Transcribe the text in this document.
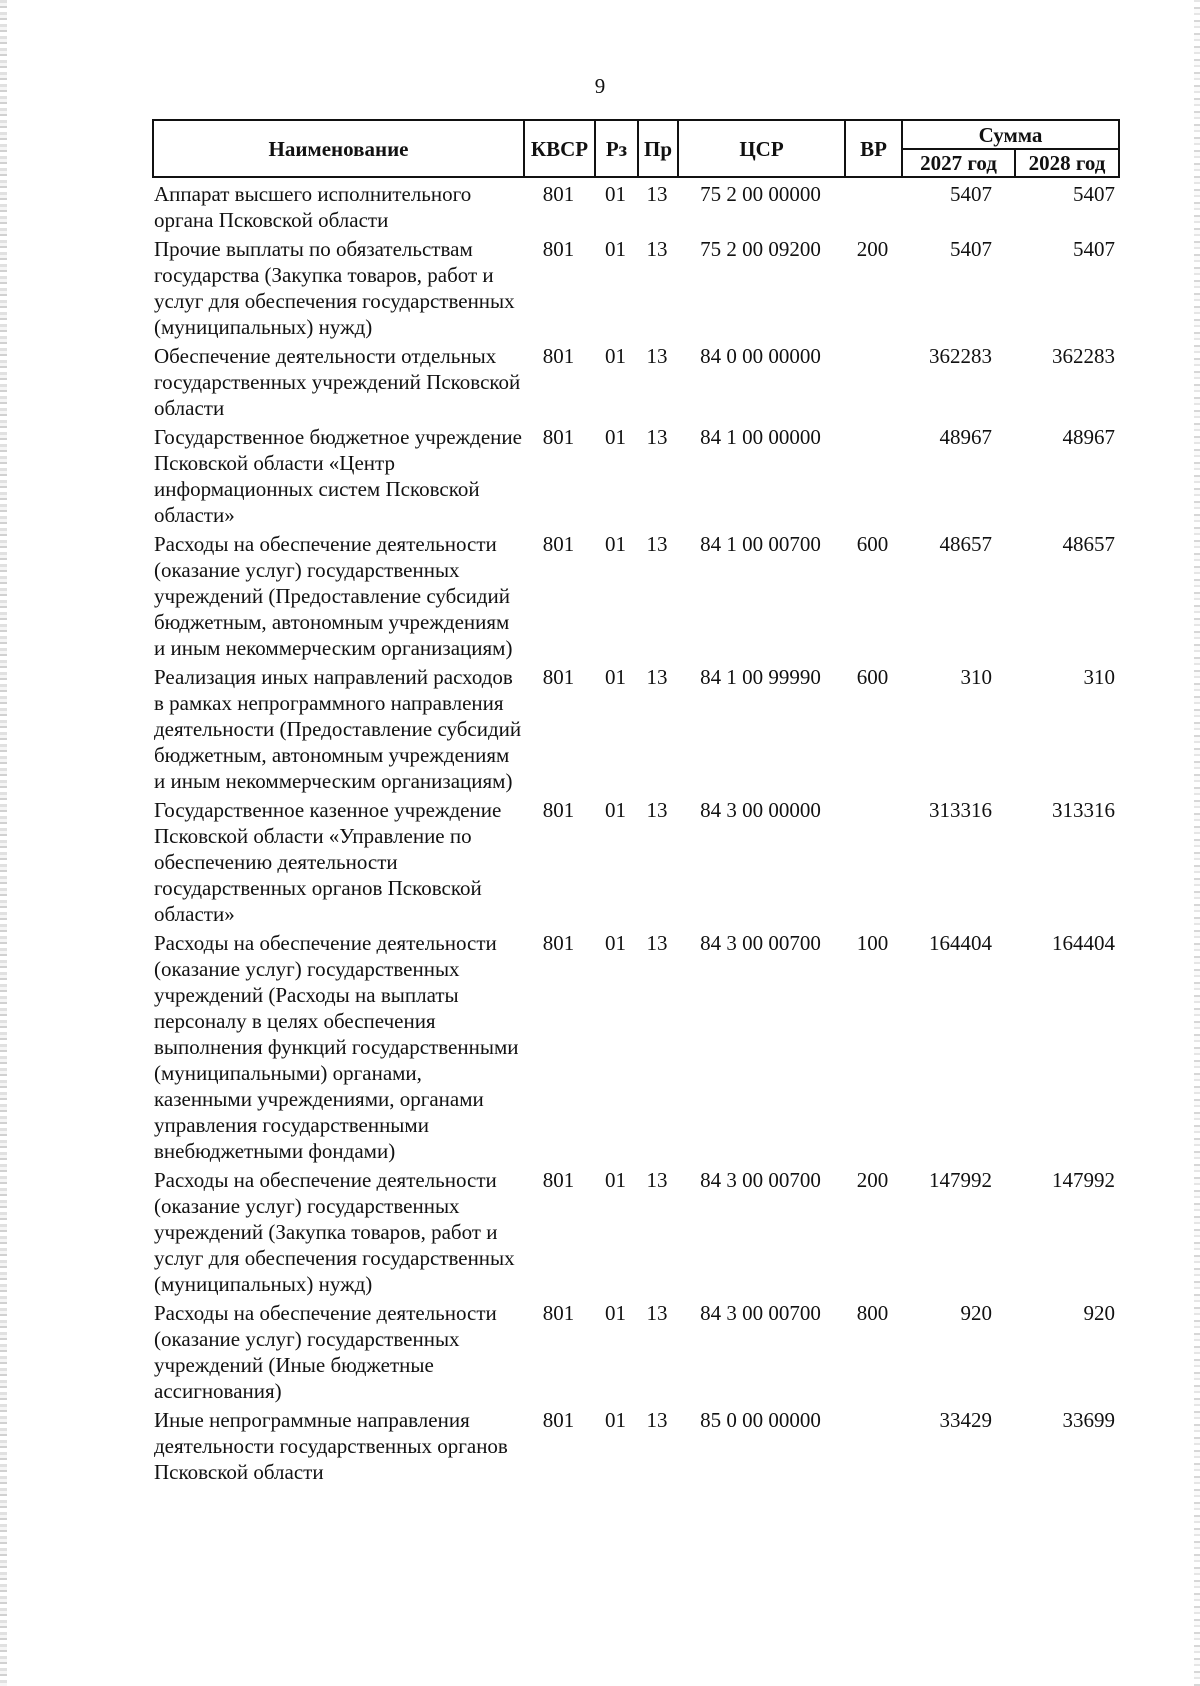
9
Наименование	КВСР	Рз	Пр	ЦСР	ВР	Сумма	
						2027 год	2028 год
Аппарат высшего исполнительного органа Псковской области	801	01	13	75 2 00 00000		5407	5407
Прочие выплаты по обязательствам государства (Закупка товаров, работ и услуг для обеспечения государственных (муниципальных) нужд)	801	01	13	75 2 00 09200	200	5407	5407
Обеспечение деятельности отдельных государственных учреждений Псковской области	801	01	13	84 0 00 00000		362283	362283
Государственное бюджетное учреждение Псковской области «Центр информационных систем Псковской области»	801	01	13	84 1 00 00000		48967	48967
Расходы на обеспечение деятельности (оказание услуг) государственных учреждений (Предоставление субсидий бюджетным, автономным учреждениям и иным некоммерческим организациям)	801	01	13	84 1 00 00700	600	48657	48657
Реализация иных направлений расходов в рамках непрограммного направления деятельности (Предоставление субсидий бюджетным, автономным учреждениям и иным некоммерческим организациям)	801	01	13	84 1 00 99990	600	310	310
Государственное казенное учреждение Псковской области «Управление по обеспечению деятельности государственных органов Псковской области»	801	01	13	84 3 00 00000		313316	313316
Расходы на обеспечение деятельности (оказание услуг) государственных учреждений (Расходы на выплаты персоналу в целях обеспечения выполнения функций государственными (муниципальными) органами, казенными учреждениями, органами управления государственными внебюджетными фондами)	801	01	13	84 3 00 00700	100	164404	164404
Расходы на обеспечение деятельности (оказание услуг) государственных учреждений (Закупка товаров, работ и услуг для обеспечения государственных (муниципальных) нужд)	801	01	13	84 3 00 00700	200	147992	147992
Расходы на обеспечение деятельности (оказание услуг) государственных учреждений (Иные бюджетные ассигнования)	801	01	13	84 3 00 00700	800	920	920
Иные непрограммные направления деятельности государственных органов Псковской области	801	01	13	85 0 00 00000		33429	33699
